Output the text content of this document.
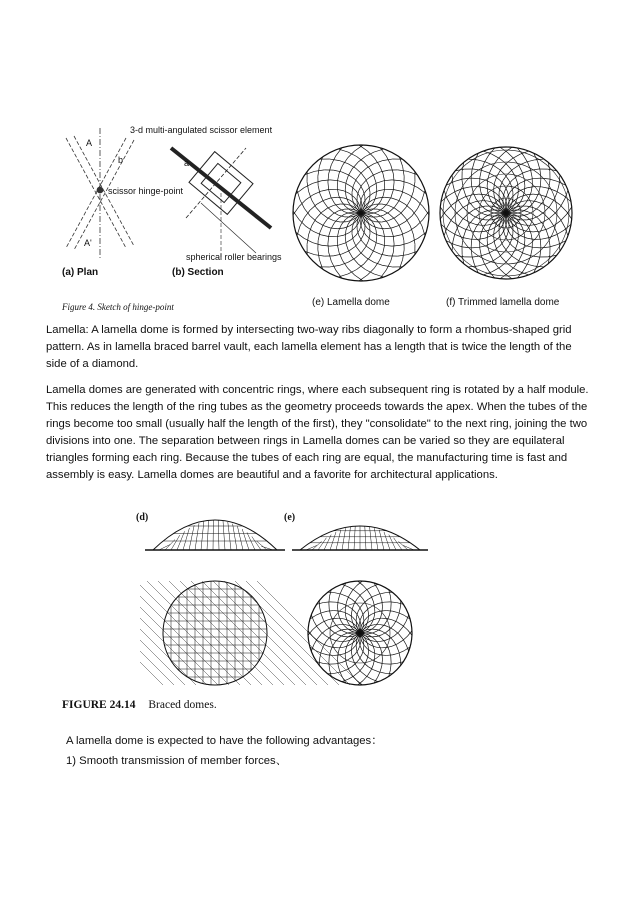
3-d multi-angulated scissor element
A
b	a
scissor hinge-point
A'
spherical roller bearings
(a) Plan	(b) Section
Figure 4. Sketch of hinge-point	(e) Lamella dome	(f) Trimmed lamella dome

Lamella: A lamella dome is formed by intersecting two-way ribs diagonally to form a rhombus-shaped grid pattern. As in lamella braced barrel vault, each lamella element has a length that is twice the length of the side of a diamond.

Lamella domes are generated with concentric rings, where each subsequent ring is rotated by a half module. This reduces the length of the ring tubes as the geometry proceeds towards the apex. When the tubes of the rings become too small (usually half the length of the first), they "consolidate" to the next ring, joining the two divisions into one. The separation between rings in Lamella domes can be varied so they are equilateral triangles forming each ring. Because the tubes of each ring are equal, the manufacturing time is fast and assembly is easy. Lamella domes are beautiful and a favorite for architectural applications.

(d)	(e)
FIGURE 24.14 Braced domes.
A lamella dome is expected to have the following advantages：
1) Smooth transmission of member forces、
